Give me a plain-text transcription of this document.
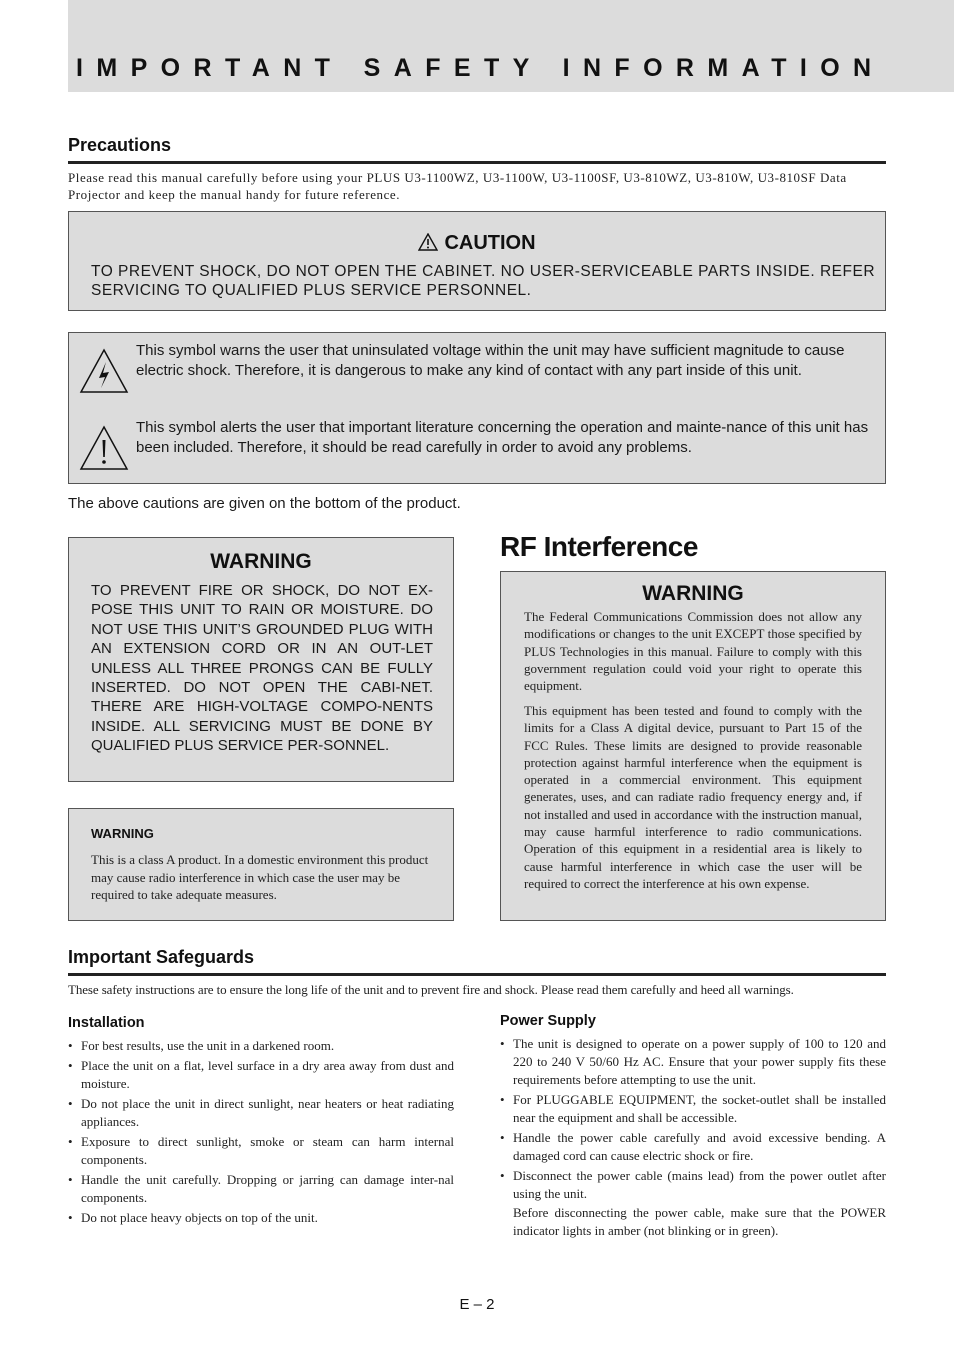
IMPORTANT SAFETY INFORMATION
Precautions
Please read this manual carefully before using your PLUS U3-1100WZ, U3-1100W, U3-1100SF, U3-810WZ, U3-810W, U3-810SF Data Projector and keep the manual handy for future reference.
CAUTION
TO PREVENT SHOCK, DO NOT OPEN THE CABINET. NO USER-SERVICEABLE PARTS INSIDE. REFER SERVICING TO QUALIFIED PLUS SERVICE PERSONNEL.
This symbol warns the user that uninsulated voltage within the unit may have sufficient magnitude to cause electric shock. Therefore, it is dangerous to make any kind of contact with any part inside of this unit.
This symbol alerts the user that important literature concerning the operation and mainte-nance of this unit has been included. Therefore, it should be read carefully in order to avoid any problems.
The above cautions are given on the bottom of the product.
WARNING
TO PREVENT FIRE OR SHOCK, DO NOT EX-POSE THIS UNIT TO RAIN OR MOISTURE. DO NOT USE THIS UNIT’S GROUNDED PLUG WITH AN EXTENSION CORD OR IN AN OUT-LET UNLESS ALL THREE PRONGS CAN BE FULLY INSERTED. DO NOT OPEN THE CABI-NET. THERE ARE HIGH-VOLTAGE COMPO-NENTS INSIDE. ALL SERVICING MUST BE DONE BY QUALIFIED PLUS SERVICE PER-SONNEL.
WARNING
This is a class A product. In a domestic environment this product may cause radio interference in which case the user may be required to take adequate measures.
RF Interference
WARNING
The Federal Communications Commission does not allow any modifications or changes to the unit EXCEPT those specified by PLUS Technologies in this manual. Failure to comply with this government regulation could void your right to operate this equipment.
This equipment has been tested and found to comply with the limits for a Class A digital device, pursuant to Part 15 of the FCC Rules. These limits are designed to provide reasonable protection against harmful interference when the equipment is operated in a commercial environment. This equipment generates, uses, and can radiate radio frequency energy and, if not installed and used in accordance with the instruction manual, may cause harmful interference to radio communications. Operation of this equipment in a residential area is likely to cause harmful interference in which case the user will be required to correct the interference at his own expense.
Important Safeguards
These safety instructions are to ensure the long life of the unit and to prevent fire and shock. Please read them carefully and heed all warnings.
Installation
• For best results, use the unit in a darkened room.
• Place the unit on a flat, level surface in a dry area away from dust and moisture.
• Do not place the unit in direct sunlight, near heaters or heat radiating appliances.
• Exposure to direct sunlight, smoke or steam can harm internal components.
• Handle the unit carefully. Dropping or jarring can damage inter-nal components.
• Do not place heavy objects on top of the unit.
Power Supply
• The unit is designed to operate on a power supply of 100 to 120 and 220 to 240 V 50/60 Hz AC. Ensure that your power supply fits these requirements before attempting to use the unit.
• For PLUGGABLE EQUIPMENT, the socket-outlet shall be installed near the equipment and shall be accessible.
• Handle the power cable carefully and avoid excessive bending. A damaged cord can cause electric shock or fire.
• Disconnect the power cable (mains lead) from the power outlet after using the unit.
Before disconnecting the power cable, make sure that the POWER indicator lights in amber (not blinking or in green).
E – 2
